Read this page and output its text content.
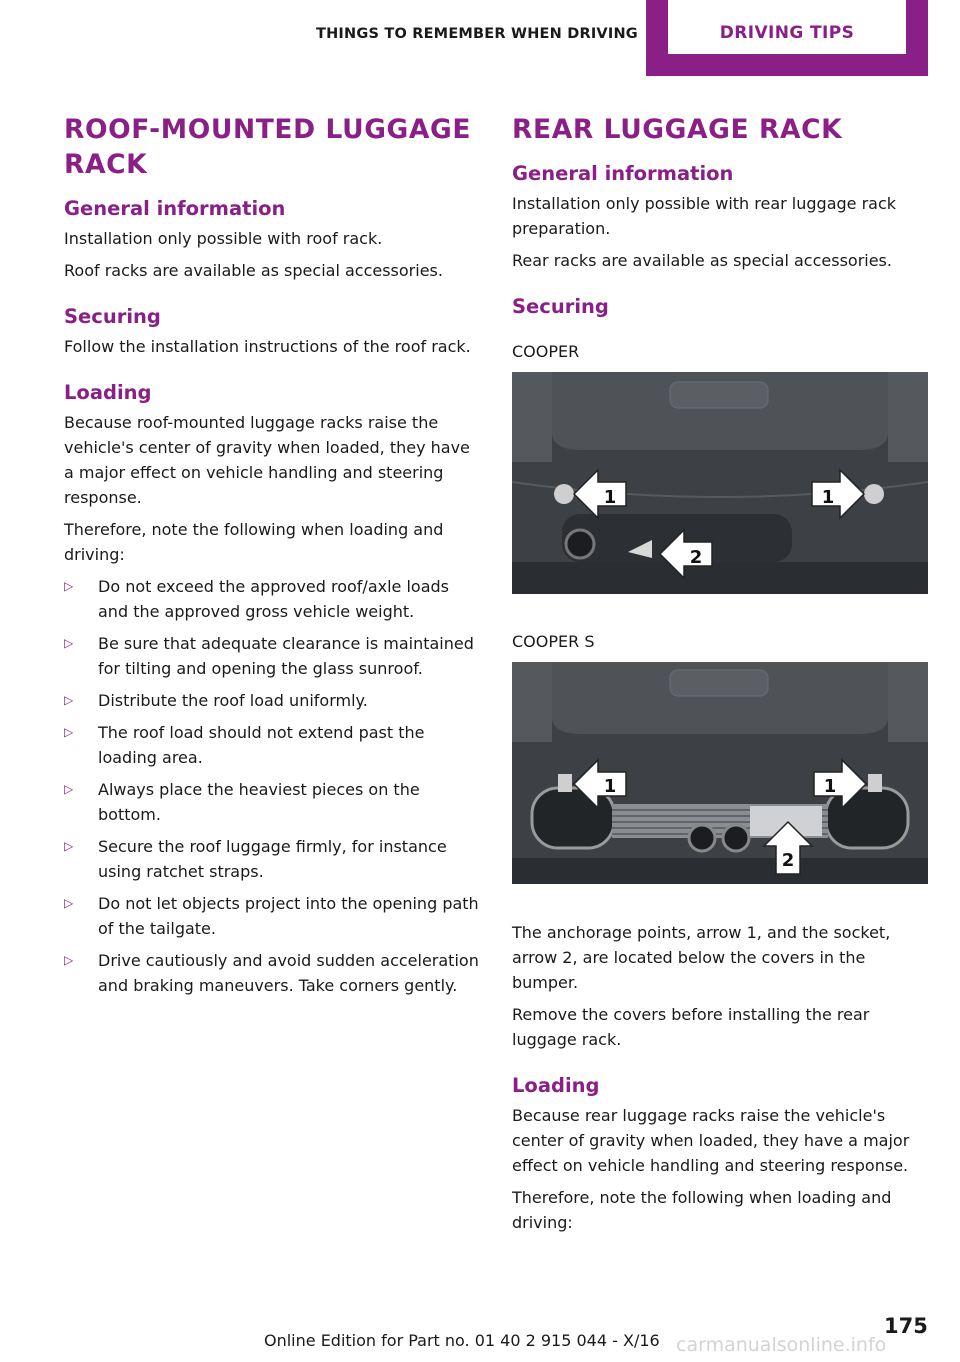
THINGS TO REMEMBER WHEN DRIVING	DRIVING TIPS
ROOF-MOUNTED LUGGAGE RACK
General information

Installation only possible with roof rack.

Roof racks are available as special accessories.

Securing

Follow the installation instructions of the roof rack.

Loading

Because roof-mounted luggage racks raise the vehicle's center of gravity when loaded, they have a major effect on vehicle handling and steering response.

Therefore, note the following when loading and driving:

▷ Do not exceed the approved roof/axle loads and the approved gross vehicle weight.
▷ Be sure that adequate clearance is maintained for tilting and opening the glass sunroof.
▷ Distribute the roof load uniformly.
▷ The roof load should not extend past the loading area.
▷ Always place the heaviest pieces on the bottom.
▷ Secure the roof luggage firmly, for instance using ratchet straps.
▷ Do not let objects project into the opening path of the tailgate.
▷ Drive cautiously and avoid sudden acceleration and braking maneuvers. Take corners gently.
REAR LUGGAGE RACK
General information

Installation only possible with rear luggage rack preparation.

Rear racks are available as special accessories.

Securing
COOPER
1	1
2
COOPER S
1	1
2

The anchorage points, arrow 1, and the socket, arrow 2, are located below the covers in the bumper.

Remove the covers before installing the rear luggage rack.

Loading

Because rear luggage racks raise the vehicle's center of gravity when loaded, they have a major effect on vehicle handling and steering response.

Therefore, note the following when loading and driving:

Online Edition for Part no. 01 40 2 915 044 - X/16
175
carmanualsonline.info
